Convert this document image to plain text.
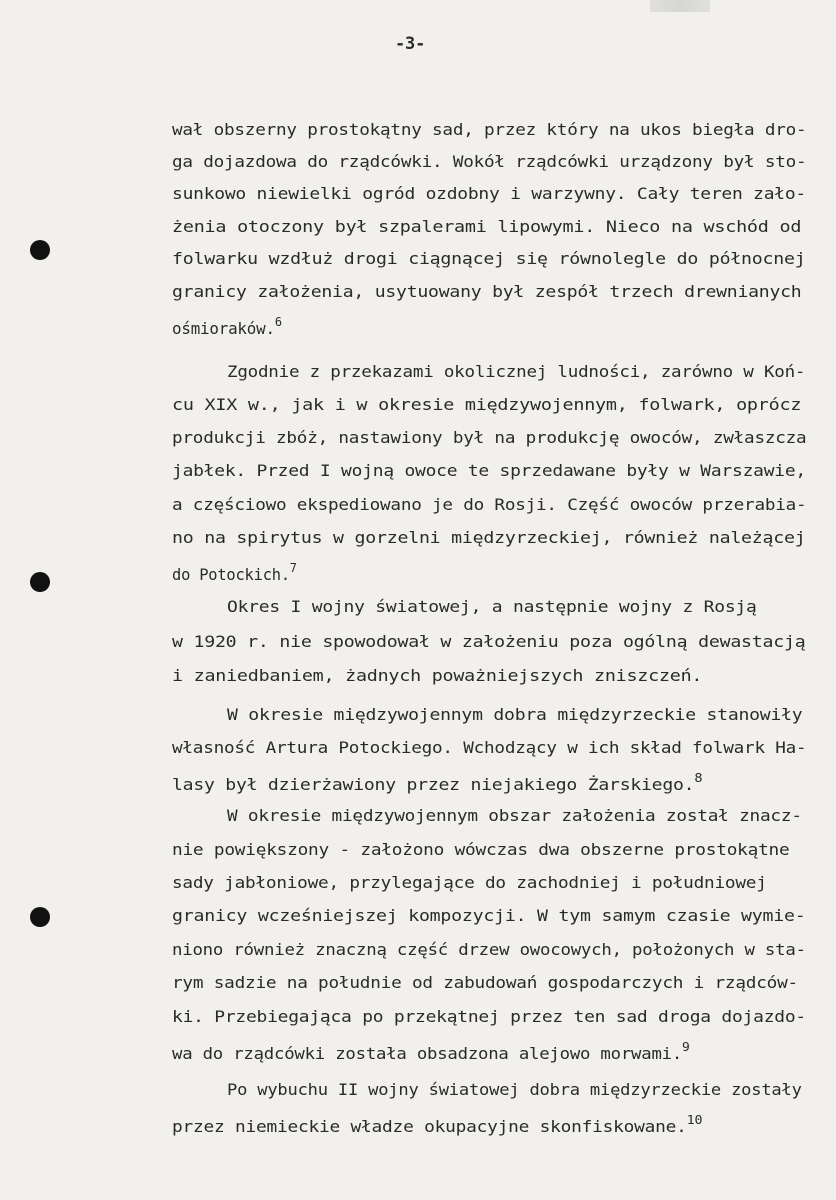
-3-
wał obszerny prostokątny sad, przez który na ukos biegła dro-
ga dojazdowa do rządcówki. Wokół rządcówki urządzony był sto-
sunkowo niewielki ogród ozdobny i warzywny. Cały teren zało-
żenia otoczony był szpalerami lipowymi. Nieco na wschód od
folwarku wzdłuż drogi ciągnącej się równolegle do północnej
granicy założenia, usytuowany był zespół trzech drewnianych
ośmioraków.$^6$
Zgodnie z przekazami okolicznej ludności, zarówno w Koń-
cu XIX w., jak i w okresie międzywojennym, folwark, oprócz
produkcji zbóż, nastawiony był na produkcję owoców, zwłaszcza
jabłek. Przed I wojną owoce te sprzedawane były w Warszawie,
a częściowo ekspediowano je do Rosji. Część owoców przerabia-
no na spirytus w gorzelni międzyrzeckiej, również należącej
do Potockich.$^7$
Okres I wojny światowej, a następnie wojny z Rosją
w 1920 r. nie spowodował w założeniu poza ogólną dewastacją
i zaniedbaniem, żadnych poważniejszych zniszczeń.
W okresie międzywojennym dobra międzyrzeckie stanowiły
własność Artura Potockiego. Wchodzący w ich skład folwark Ha-
lasy był dzierżawiony przez niejakiego Żarskiego.$^8$
W okresie międzywojennym obszar założenia został znacz-
nie powiększony - założono wówczas dwa obszerne prostokątne
sady jabłoniowe, przylegające do zachodniej i południowej
granicy wcześniejszej kompozycji. W tym samym czasie wymie-
niono również znaczną część drzew owocowych, położonych w sta-
rym sadzie na południe od zabudowań gospodarczych i rządców-
ki. Przebiegająca po przekątnej przez ten sad droga dojazdo-
wa do rządcówki została obsadzona alejowo morwami.$^9$
Po wybuchu II wojny światowej dobra międzyrzeckie zostały
przez niemieckie władze okupacyjne skonfiskowane.$^{10}$
